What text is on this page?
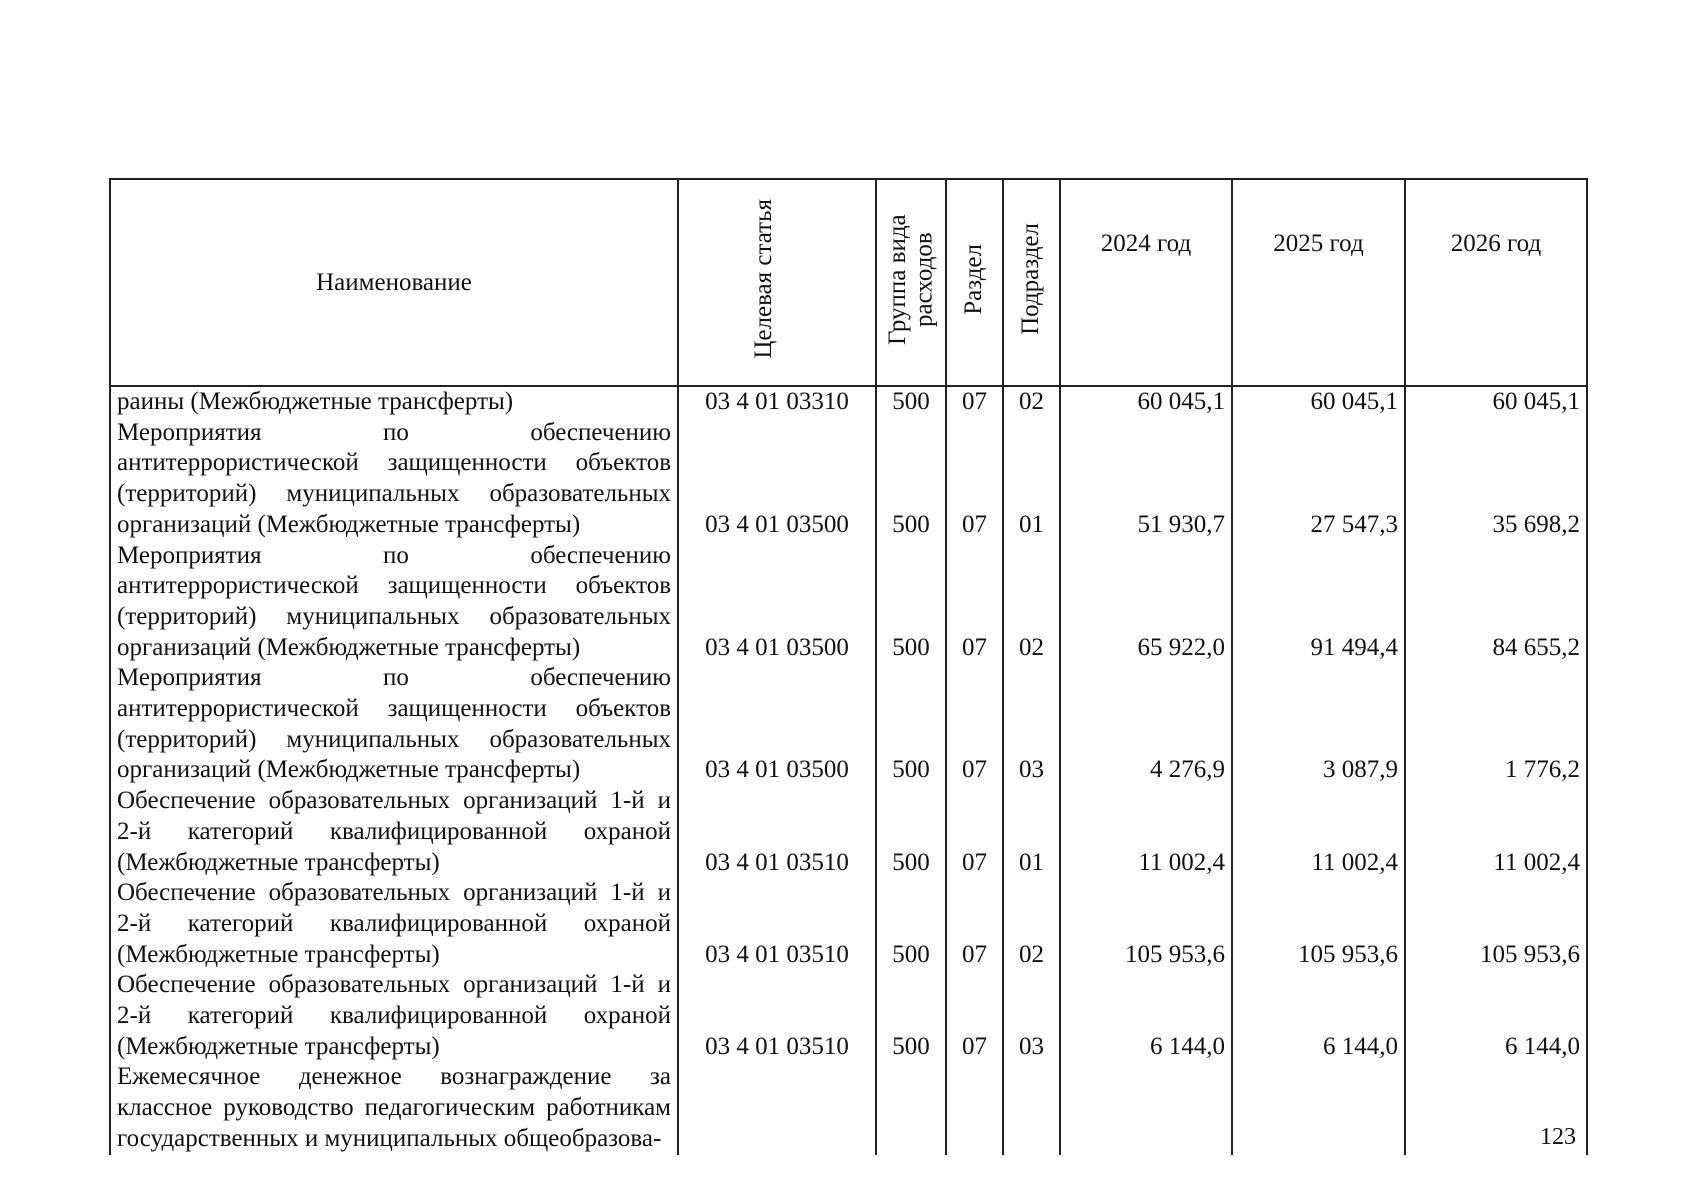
Наименование	Целевая статья	Группа вида расходов	Раздел	Подраздел	2024 год	2025 год	2026 год
раины (Межбюджетные трансферты)	03 4 01 03310	500	07	02	60 045,1	60 045,1	60 045,1
Мероприятия по обеспечению антитеррористической защищенности объектов (территорий) муниципальных образовательных организаций (Межбюджетные трансферты)	03 4 01 03500	500	07	01	51 930,7	27 547,3	35 698,2
Мероприятия по обеспечению антитеррористической защищенности объектов (территорий) муниципальных образовательных организаций (Межбюджетные трансферты)	03 4 01 03500	500	07	02	65 922,0	91 494,4	84 655,2
Мероприятия по обеспечению антитеррористической защищенности объектов (территорий) муниципальных образовательных организаций (Межбюджетные трансферты)	03 4 01 03500	500	07	03	4 276,9	3 087,9	1 776,2
Обеспечение образовательных организаций 1-й и 2-й категорий квалифицированной охраной (Межбюджетные трансферты)	03 4 01 03510	500	07	01	11 002,4	11 002,4	11 002,4
Обеспечение образовательных организаций 1-й и 2-й категорий квалифицированной охраной (Межбюджетные трансферты)	03 4 01 03510	500	07	02	105 953,6	105 953,6	105 953,6
Обеспечение образовательных организаций 1-й и 2-й категорий квалифицированной охраной (Межбюджетные трансферты)	03 4 01 03510	500	07	03	6 144,0	6 144,0	6 144,0
Ежемесячное денежное вознаграждение за классное руководство педагогическим работникам государственных и муниципальных общеобразова-								123
